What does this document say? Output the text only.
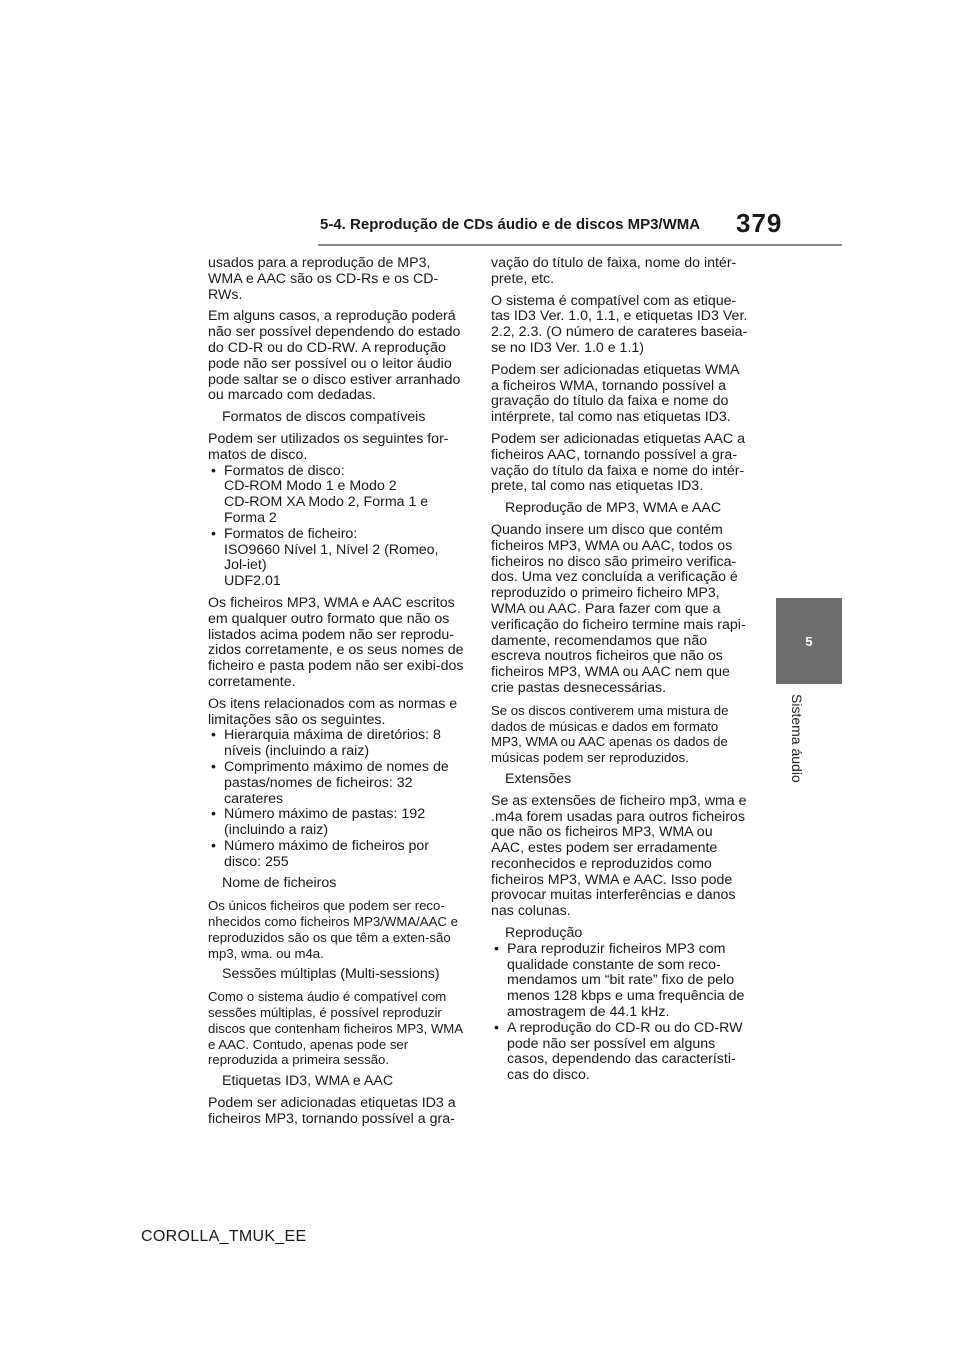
5-4. Reprodução de CDs áudio e de discos MP3/WMA 379
5
Sistema áudio

usados para a reprodução de MP3, WMA e AAC são os CD-Rs e os CD-RWs.

Em alguns casos, a reprodução poderá não ser possível dependendo do estado do CD-R ou do CD-RW. A reprodução pode não ser possível ou o leitor áudio pode saltar se o disco estiver arranhado ou marcado com dedadas.

Formatos de discos compatíveis

Podem ser utilizados os seguintes for-matos de disco.

• Formatos de disco:
CD-ROM Modo 1 e Modo 2
CD-ROM XA Modo 2, Forma 1 e Forma 2
• Formatos de ficheiro:
ISO9660 Nível 1, Nível 2 (Romeo, Jol-iet)
UDF2.01

Os ficheiros MP3, WMA e AAC escritos em qualquer outro formato que não os listados acima podem não ser reprodu-zidos corretamente, e os seus nomes de ficheiro e pasta podem não ser exibi-dos corretamente.

Os itens relacionados com as normas e limitações são os seguintes.

• Hierarquia máxima de diretórios: 8 níveis (incluindo a raiz)
• Comprimento máximo de nomes de pastas/nomes de ficheiros: 32 carateres
• Número máximo de pastas: 192 (incluindo a raiz)
• Número máximo de ficheiros por disco: 255

Nome de ficheiros

Os únicos ficheiros que podem ser reco-nhecidos como ficheiros MP3/WMA/AAC e reproduzidos são os que têm a exten-são mp3, wma. ou m4a.

Sessões múltiplas (Multi-sessions)

Como o sistema áudio é compatível com sessões múltiplas, é possível reproduzir discos que contenham ficheiros MP3, WMA e AAC. Contudo, apenas pode ser reproduzida a primeira sessão.

Etiquetas ID3, WMA e AAC

Podem ser adicionadas etiquetas ID3 a ficheiros MP3, tornando possível a gra-

vação do título de faixa, nome do intér-prete, etc.

O sistema é compatível com as etique-tas ID3 Ver. 1.0, 1.1, e etiquetas ID3 Ver. 2.2, 2.3. (O número de carateres baseia-se no ID3 Ver. 1.0 e 1.1)

Podem ser adicionadas etiquetas WMA a ficheiros WMA, tornando possível a gravação do título da faixa e nome do intérprete, tal como nas etiquetas ID3.

Podem ser adicionadas etiquetas AAC a ficheiros AAC, tornando possível a gra-vação do título da faixa e nome do intér-prete, tal como nas etiquetas ID3.

Reprodução de MP3, WMA e AAC

Quando insere um disco que contém ficheiros MP3, WMA ou AAC, todos os ficheiros no disco são primeiro verifica-dos. Uma vez concluída a verificação é reproduzido o primeiro ficheiro MP3, WMA ou AAC. Para fazer com que a verificação do ficheiro termine mais rapi-damente, recomendamos que não escreva noutros ficheiros que não os ficheiros MP3, WMA ou AAC nem que crie pastas desnecessárias.

Se os discos contiverem uma mistura de dados de músicas e dados em formato MP3, WMA ou AAC apenas os dados de músicas podem ser reproduzidos.

Extensões

Se as extensões de ficheiro mp3, wma e .m4a forem usadas para outros ficheiros que não os ficheiros MP3, WMA ou AAC, estes podem ser erradamente reconhecidos e reproduzidos como ficheiros MP3, WMA e AAC. Isso pode provocar muitas interferências e danos nas colunas.

Reprodução

• Para reproduzir ficheiros MP3 com qualidade constante de som reco-mendamos um “bit rate” fixo de pelo menos 128 kbps e uma frequência de amostragem de 44.1 kHz.
• A reprodução do CD-R ou do CD-RW pode não ser possível em alguns casos, dependendo das característi-cas do disco.
COROLLA_TMUK_EE
